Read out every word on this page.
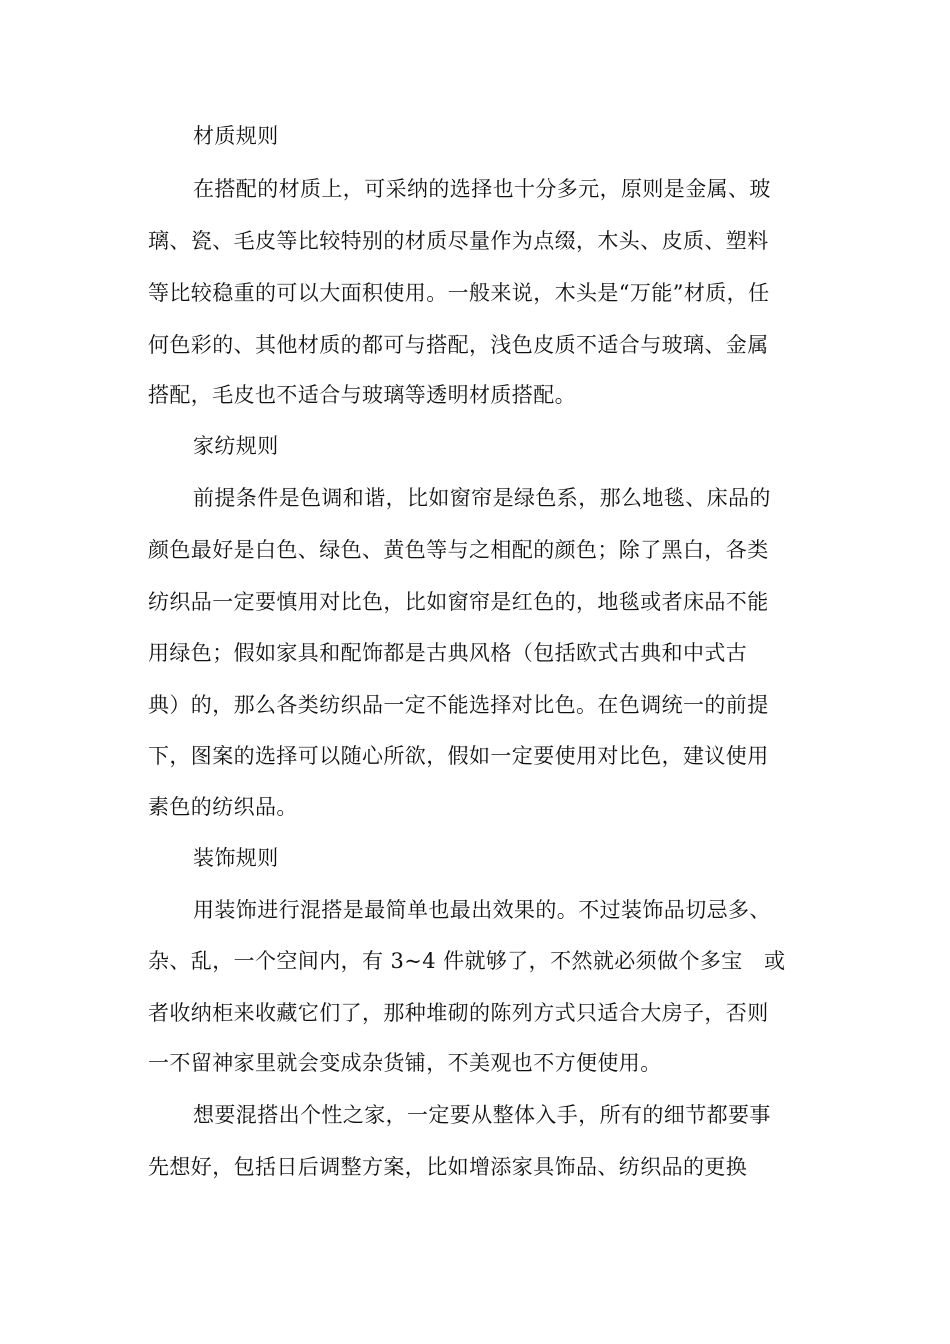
材质规则
在搭配的材质上，可采纳的选择也十分多元，原则是金属、玻
璃、瓷、毛皮等比较特别的材质尽量作为点缀，木头、皮质、塑料
等比较稳重的可以大面积使用。一般来说，木头是“万能”材质，任
何色彩的、其他材质的都可与搭配，浅色皮质不适合与玻璃、金属
搭配，毛皮也不适合与玻璃等透明材质搭配。
家纺规则
前提条件是色调和谐，比如窗帘是绿色系，那么地毯、床品的
颜色最好是白色、绿色、黄色等与之相配的颜色；除了黑白，各类
纺织品一定要慎用对比色，比如窗帘是红色的，地毯或者床品不能
用绿色；假如家具和配饰都是古典风格（包括欧式古典和中式古
典）的，那么各类纺织品一定不能选择对比色。在色调统一的前提
下，图案的选择可以随心所欲，假如一定要使用对比色，建议使用
素色的纺织品。
装饰规则
用装饰进行混搭是最简单也最出效果的。不过装饰品切忌多、
杂、乱，一个空间内，有 3~4 件就够了，不然就必须做个多宝　或
者收纳柜来收藏它们了，那种堆砌的陈列方式只适合大房子，否则
一不留神家里就会变成杂货铺，不美观也不方便使用。
想要混搭出个性之家，一定要从整体入手，所有的细节都要事
先想好，包括日后调整方案，比如增添家具饰品、纺织品的更换
